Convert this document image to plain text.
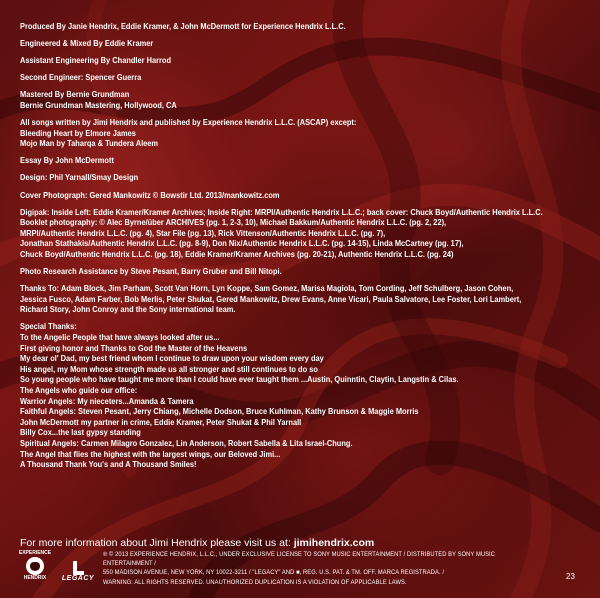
Produced By Janie Hendrix, Eddie Kramer, & John McDermott for Experience Hendrix L.L.C.
Engineered & Mixed By Eddie Kramer
Assistant Engineering By Chandler Harrod
Second Engineer: Spencer Guerra
Mastered By Bernie Grundman
Bernie Grundman Mastering, Hollywood, CA
All songs written by Jimi Hendrix and published by Experience Hendrix L.L.C. (ASCAP) except:
Bleeding Heart by Elmore James
Mojo Man by Taharqa & Tundera Aleem
Essay By John McDermott
Design: Phil Yarnall/Smay Design
Cover Photograph: Gered Mankowitz © Bowstir Ltd. 2013/mankowitz.com
Digipak: Inside Left: Eddie Kramer/Kramer Archives; Inside Right: MRPI/Authentic Hendrix L.L.C.; back cover: Chuck Boyd/Authentic Hendrix L.L.C.
Booklet photography: © Alec Byrne/über ARCHIVES (pg. 1, 2-3, 10), Michael Bakkum/Authentic Hendrix L.L.C. (pg. 2, 22),
MRPI/Authentic Hendrix L.L.C. (pg. 4), Star File (pg. 13), Rick Vittenson/Authentic Hendrix L.L.C. (pg. 7),
Jonathan Stathakis/Authentic Hendrix L.L.C. (pg. 8-9), Don Nix/Authentic Hendrix L.L.C. (pg. 14-15), Linda McCartney (pg. 17),
Chuck Boyd/Authentic Hendrix L.L.C. (pg. 18), Eddie Kramer/Kramer Archives (pg. 20-21), Authentic Hendrix L.L.C. (pg. 24)
Photo Research Assistance by Steve Pesant, Barry Gruber and Bill Nitopi.
Thanks To: Adam Block, Jim Parham, Scott Van Horn, Lyn Koppe, Sam Gomez, Marisa Magiola, Tom Cording, Jeff Schulberg, Jason Cohen,
Jessica Fusco, Adam Farber, Bob Merlis, Peter Shukat, Gered Mankowitz, Drew Evans, Anne Vicari, Paula Salvatore, Lee Foster, Lori Lambert,
Richard Story, John Conroy and the Sony international team.
Special Thanks:
To the Angelic People that have always looked after us...
First giving honor and Thanks to God the Master of the Heavens
My dear ol' Dad, my best friend whom I continue to draw upon your wisdom every day
His angel, my Mom whose strength made us all stronger and still continues to do so
So young people who have taught me more than I could have ever taught them ...Austin, Quinntin, Claytin, Langstin & Cilas.
The Angels who guide our office:
Warrior Angels: My nieceters...Amanda & Tamera
Faithful Angels: Steven Pesant, Jerry Chiang, Michelle Dodson, Bruce Kuhlman, Kathy Brunson & Maggie Morris
John McDermott my partner in crime, Eddie Kramer, Peter Shukat & Phil Yarnall
Billy Cox...the last gypsy standing
Spiritual Angels: Carmen Milagro Gonzalez, Lin Anderson, Robert Sabella & Lita Israel-Chung.
The Angel that flies the highest with the largest wings, our Beloved Jimi...
A Thousand Thank You's and A Thousand Smiles!
For more information about Jimi Hendrix please visit us at: jimihendrix.com
EXPERIENCE
HENDRIX	LEGACY
℗ © 2013 EXPERIENCE HENDRIX, L.L.C., UNDER EXCLUSIVE LICENSE TO SONY MUSIC ENTERTAINMENT / DISTRIBUTED BY SONY MUSIC ENTERTAINMENT /
550 MADISON AVENUE, NEW YORK, NY 10022-3211 / "LEGACY" AND ■, REG. U.S. PAT. & TM. OFF. MARCA REGISTRADA. /
WARNING: ALL RIGHTS RESERVED. UNAUTHORIZED DUPLICATION IS A VIOLATION OF APPLICABLE LAWS.
23
